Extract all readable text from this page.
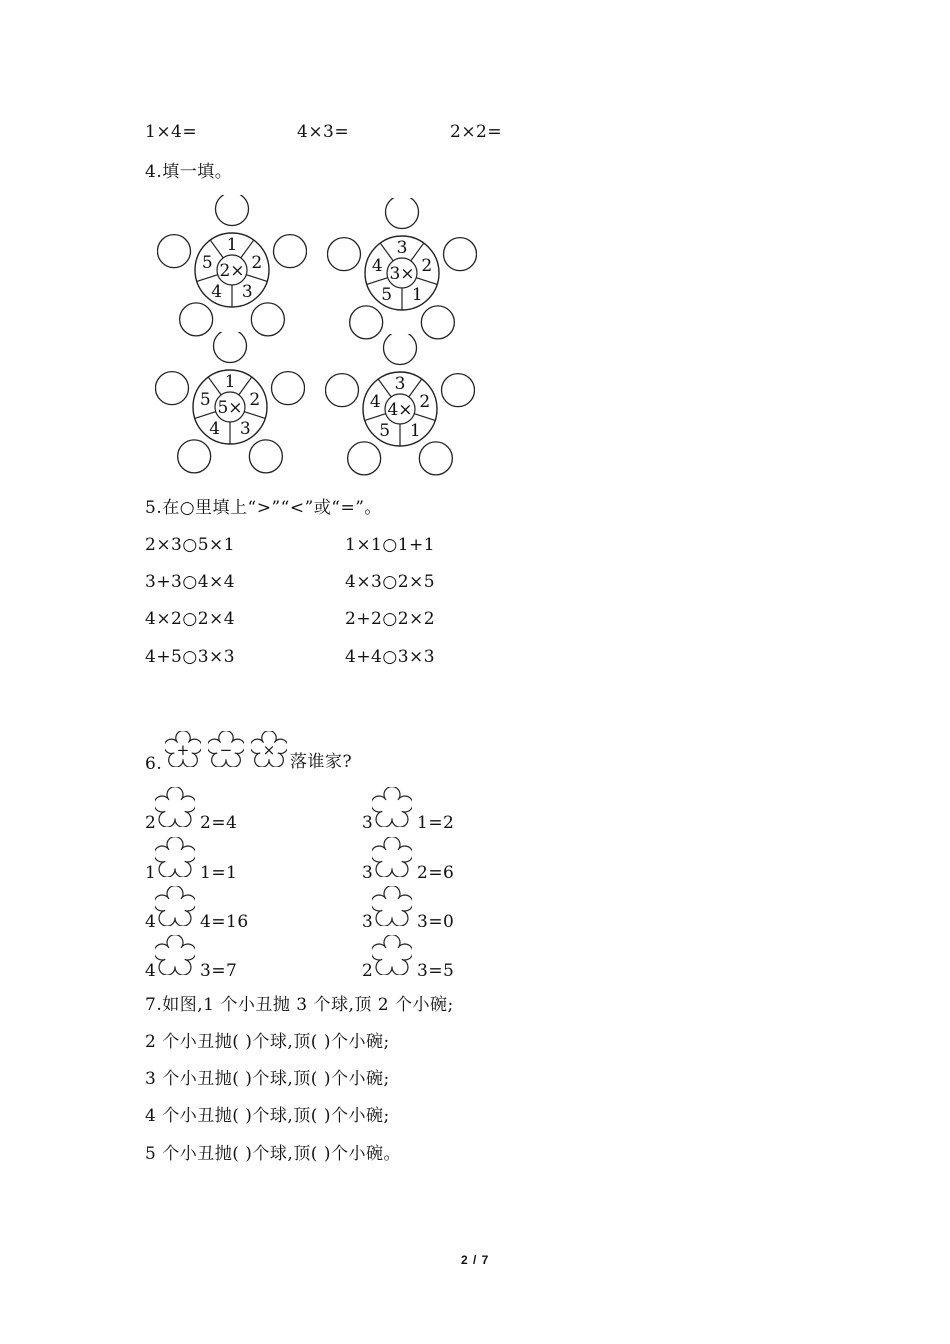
1×4=	4×3=	2×2=
4.填一填。
1
2
3
4
5 2×
3
2
1
5
4 3×
1
2
3
4
5 5×
3
2
1
5
4 4×
5.在○里填上“>”“<”或“=”。
2×3○5×1	1×1○1+1
3+3○4×4	4×3○2×5
4×2○2×4	2+2○2×2
4+5○3×3	4+4○3×3
6.
+ − ×
落谁家?
2	2=4	3	1=2
1	1=1	3	2=6
4	4=16	3	3=0
4	3=7	2	3=5
7.如图,1 个小丑抛 3 个球,顶 2 个小碗;
2 个小丑抛( )个球,顶( )个小碗;
3 个小丑抛( )个球,顶( )个小碗;
4 个小丑抛( )个球,顶( )个小碗;
5 个小丑抛( )个球,顶( )个小碗。
2 / 7
